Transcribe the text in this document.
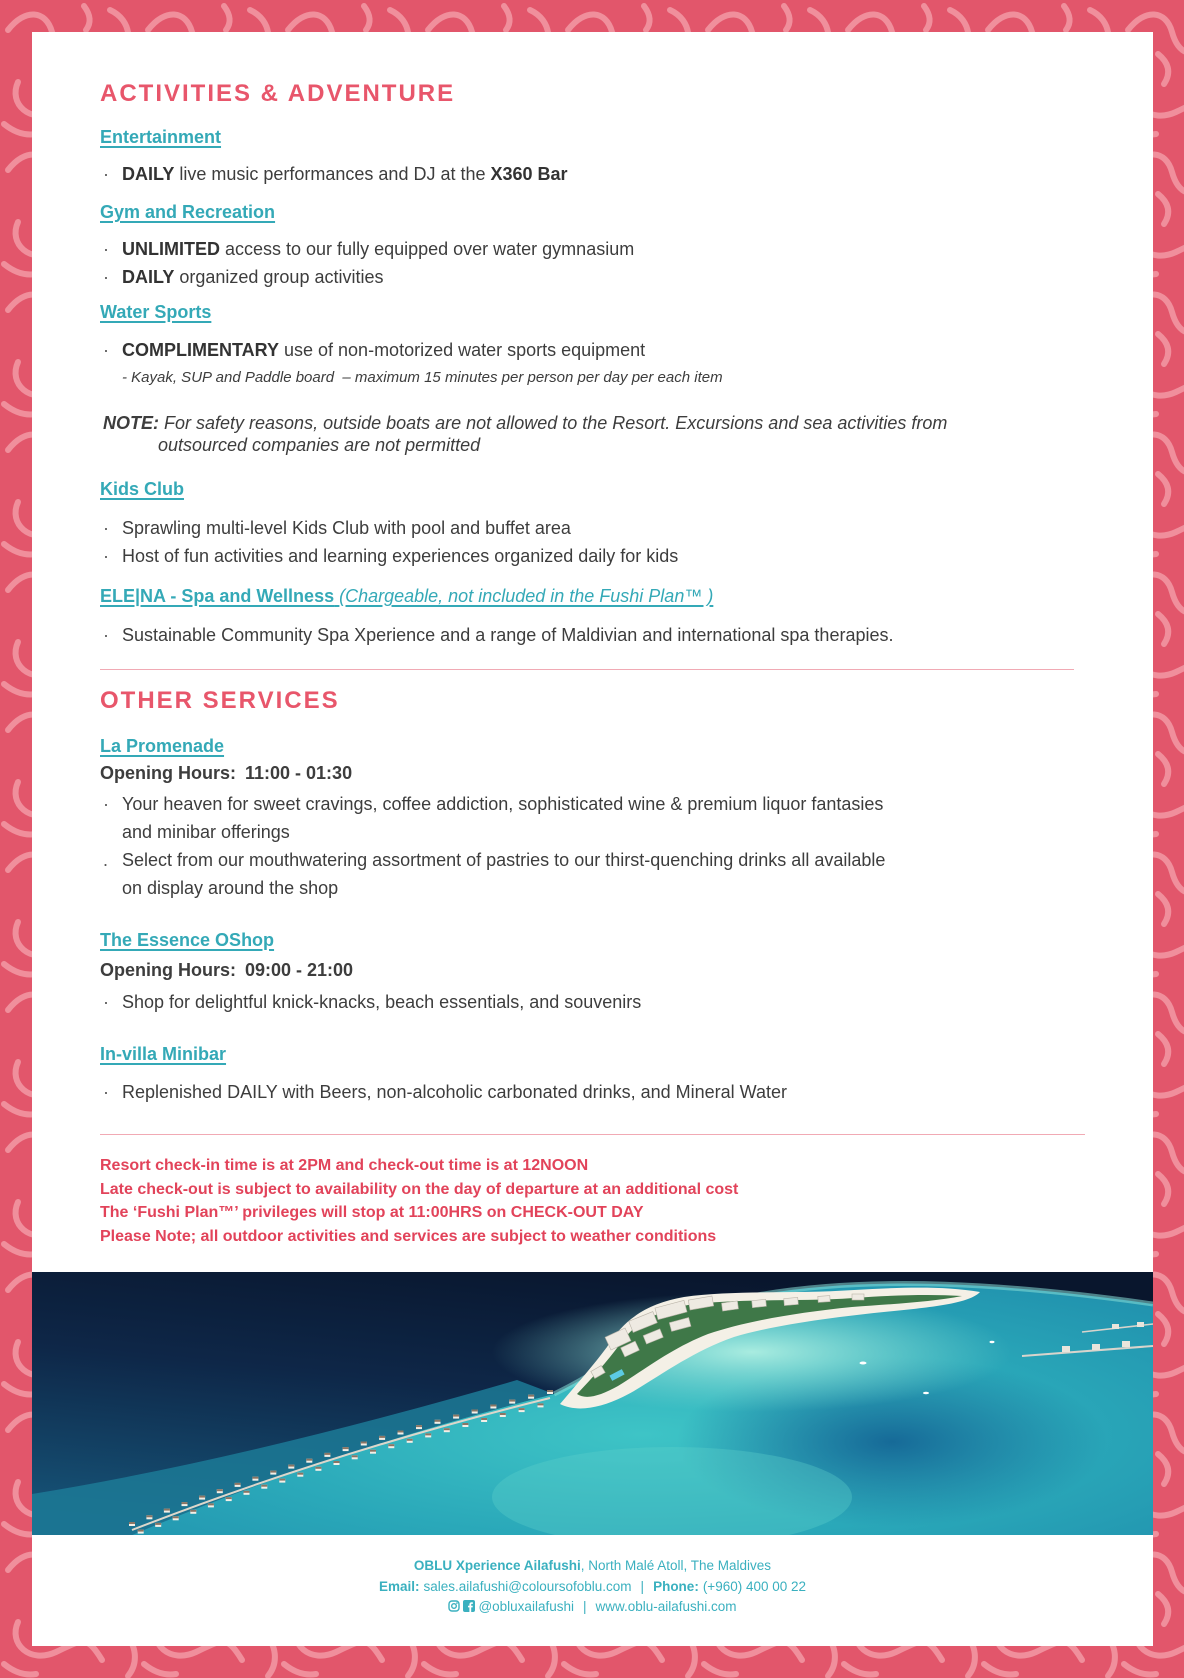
ACTIVITIES & ADVENTURE
Entertainment
· DAILY live music performances and DJ at the X360 Bar
Gym and Recreation
· UNLIMITED access to our fully equipped over water gymnasium
· DAILY organized group activities
Water Sports
· COMPLIMENTARY use of non-motorized water sports equipment
- Kayak, SUP and Paddle board  – maximum 15 minutes per person per day per each item
NOTE: For safety reasons, outside boats are not allowed to the Resort. Excursions and sea activities from
outsourced companies are not permitted
Kids Club
· Sprawling multi-level Kids Club with pool and buffet area
· Host of fun activities and learning experiences organized daily for kids
ELE|NA - Spa and Wellness (Chargeable, not included in the Fushi Plan™ )
· Sustainable Community Spa Xperience and a range of Maldivian and international spa therapies.
OTHER SERVICES
La Promenade
Opening Hours: 11:00 - 01:30
· Your heaven for sweet cravings, coffee addiction, sophisticated wine & premium liquor fantasies and minibar offerings
. Select from our mouthwatering assortment of pastries to our thirst-quenching drinks all available on display around the shop
The Essence OShop
Opening Hours: 09:00 - 21:00
· Shop for delightful knick-knacks, beach essentials, and souvenirs
In-villa Minibar
· Replenished DAILY with Beers, non-alcoholic carbonated drinks, and Mineral Water
Resort check-in time is at 2PM and check-out time is at 12NOON
Late check-out is subject to availability on the day of departure at an additional cost
The ‘Fushi Plan™’ privileges will stop at 11:00HRS on CHECK-OUT DAY
Please Note; all outdoor activities and services are subject to weather conditions
OBLU Xperience Ailafushi, North Malé Atoll, The Maldives
Email: sales.ailafushi@coloursofoblu.com | Phone: (+960) 400 00 22
@obluxailafushi | www.oblu-ailafushi.com
